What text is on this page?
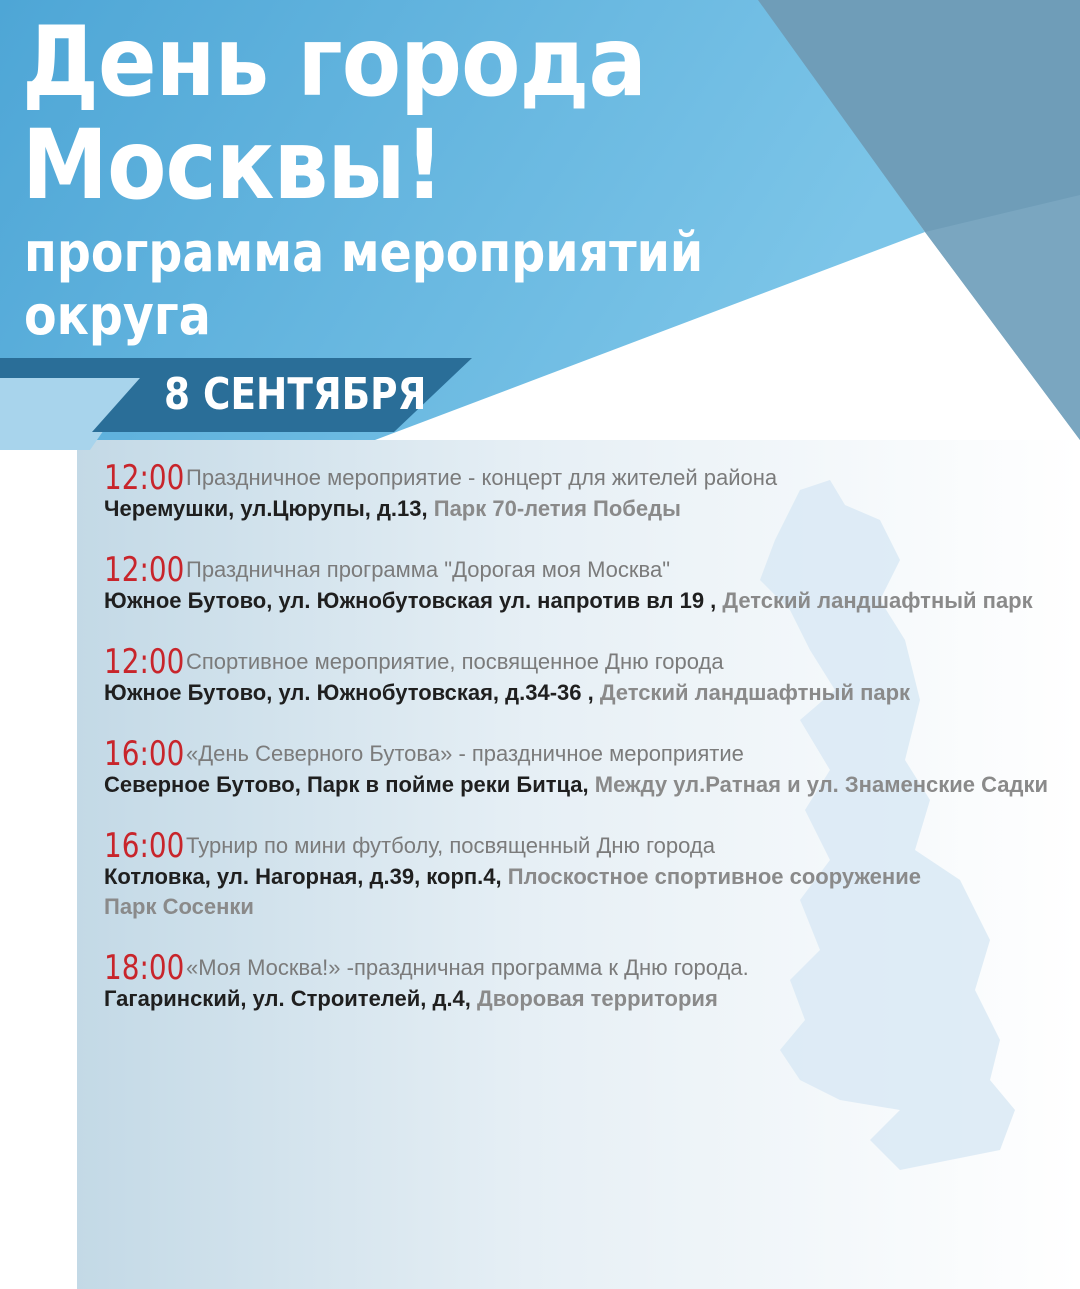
День города
Москвы!
программа мероприятий
округа
8 СЕНТЯБРЯ
12:00Праздничное мероприятие - концерт для жителей района
Черемушки, ул.Цюрупы, д.13, Парк 70-летия Победы
12:00Праздничная программа "Дорогая моя Москва"
Южное Бутово, ул. Южнобутовская ул. напротив вл 19 , Детский ландшафтный парк
12:00Спортивное мероприятие, посвященное Дню города
Южное Бутово, ул. Южнобутовская, д.34-36 , Детский ландшафтный парк
16:00«День Северного Бутова» - праздничное мероприятие
Северное Бутово, Парк в пойме реки Битца, Между ул.Ратная и ул. Знаменские Садки
16:00Турнир по мини футболу, посвященный Дню города
Котловка, ул. Нагорная, д.39, корп.4, Плоскостное спортивное сооружение
Парк Сосенки
18:00«Моя Москва!» -праздничная программа к Дню города.
Гагаринский, ул. Строителей, д.4, Дворовая территория
